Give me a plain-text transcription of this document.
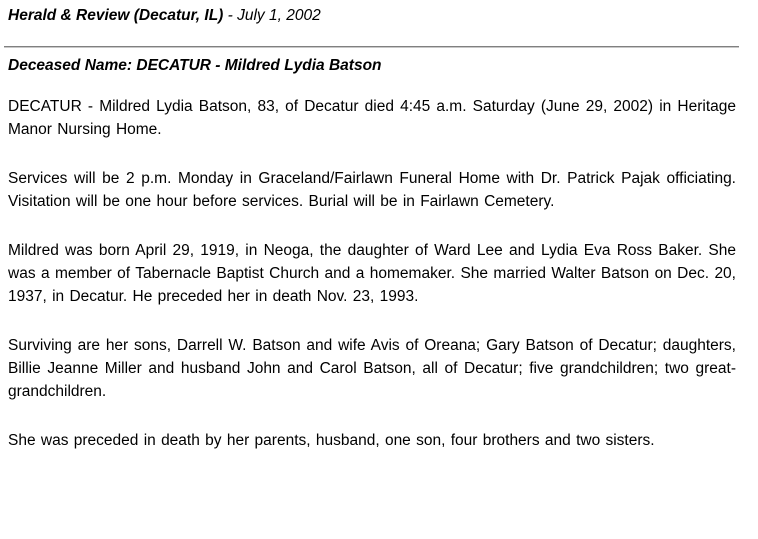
Herald & Review (Decatur, IL) - July 1, 2002
Deceased Name: DECATUR - Mildred Lydia Batson

DECATUR - Mildred Lydia Batson, 83, of Decatur died 4:45 a.m. Saturday (June 29, 2002) in Heritage Manor Nursing Home.

Services will be 2 p.m. Monday in Graceland/Fairlawn Funeral Home with Dr. Patrick Pajak officiating. Visitation will be one hour before services. Burial will be in Fairlawn Cemetery.

Mildred was born April 29, 1919, in Neoga, the daughter of Ward Lee and Lydia Eva Ross Baker. She was a member of Tabernacle Baptist Church and a homemaker. She married Walter Batson on Dec. 20, 1937, in Decatur. He preceded her in death Nov. 23, 1993.

Surviving are her sons, Darrell W. Batson and wife Avis of Oreana; Gary Batson of Decatur; daughters, Billie Jeanne Miller and husband John and Carol Batson, all of Decatur; five grandchildren; two great-grandchildren.

She was preceded in death by her parents, husband, one son, four brothers and two sisters.
